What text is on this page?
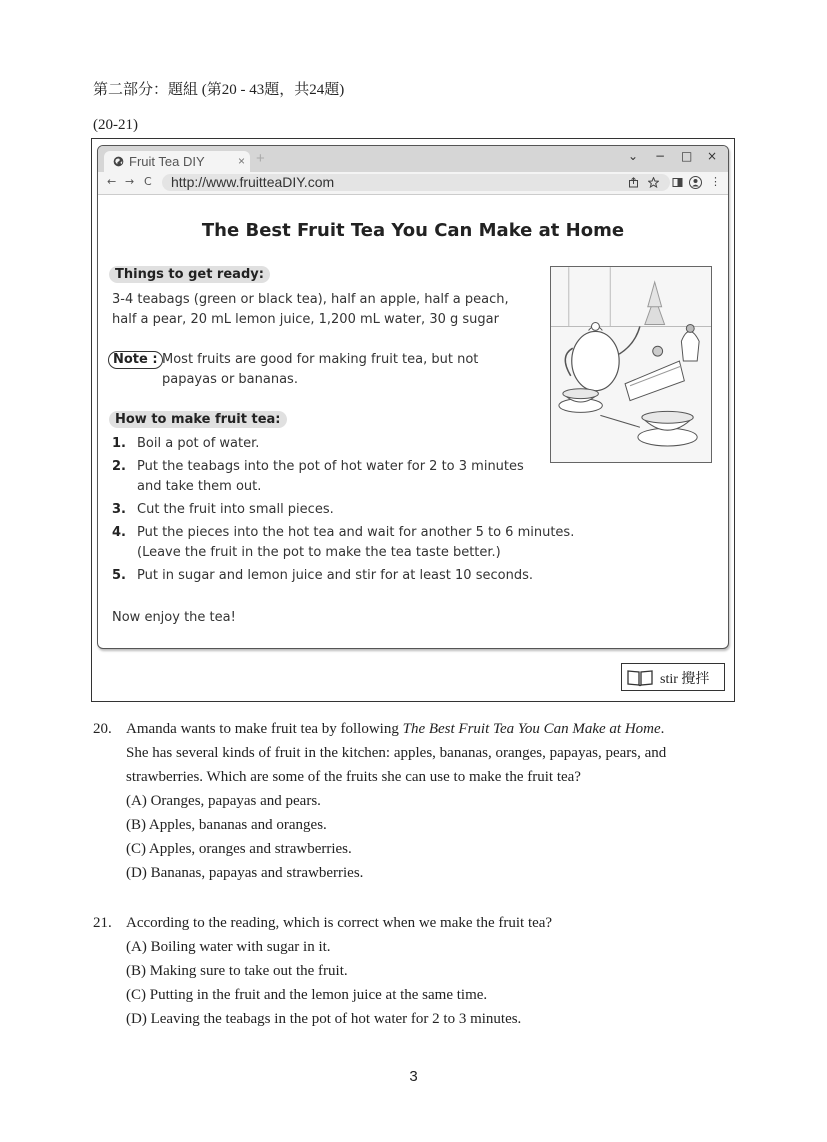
第二部分：題組 (第20 - 43題，共24題)
(20-21)
Fruit Tea DIY	× +	⌄ − □ ×
← → C	http://www.fruitteaDIY.com	⋮
The Best Fruit Tea You Can Make at Home
Things to get ready:
3-4 teabags (green or black tea), half an apple, half a peach,
half a pear, 20 mL lemon juice, 1,200 mL water, 30 g sugar
Note : Most fruits are good for making fruit tea, but not
papayas or bananas.
How to make fruit tea:
1. Boil a pot of water.
2. Put the teabags into the pot of hot water for 2 to 3 minutes
and take them out.
3. Cut the fruit into small pieces.
4. Put the pieces into the hot tea and wait for another 5 to 6 minutes.
(Leave the fruit in the pot to make the tea taste better.)
5. Put in sugar and lemon juice and stir for at least 10 seconds.
Now enjoy the tea!
stir 攪拌
20. Amanda wants to make fruit tea by following The Best Fruit Tea You Can Make at Home.
She has several kinds of fruit in the kitchen: apples, bananas, oranges, papayas, pears, and
strawberries. Which are some of the fruits she can use to make the fruit tea?
(A) Oranges, papayas and pears.
(B) Apples, bananas and oranges.
(C) Apples, oranges and strawberries.
(D) Bananas, papayas and strawberries.
21. According to the reading, which is correct when we make the fruit tea?
(A) Boiling water with sugar in it.
(B) Making sure to take out the fruit.
(C) Putting in the fruit and the lemon juice at the same time.
(D) Leaving the teabags in the pot of hot water for 2 to 3 minutes.
3
